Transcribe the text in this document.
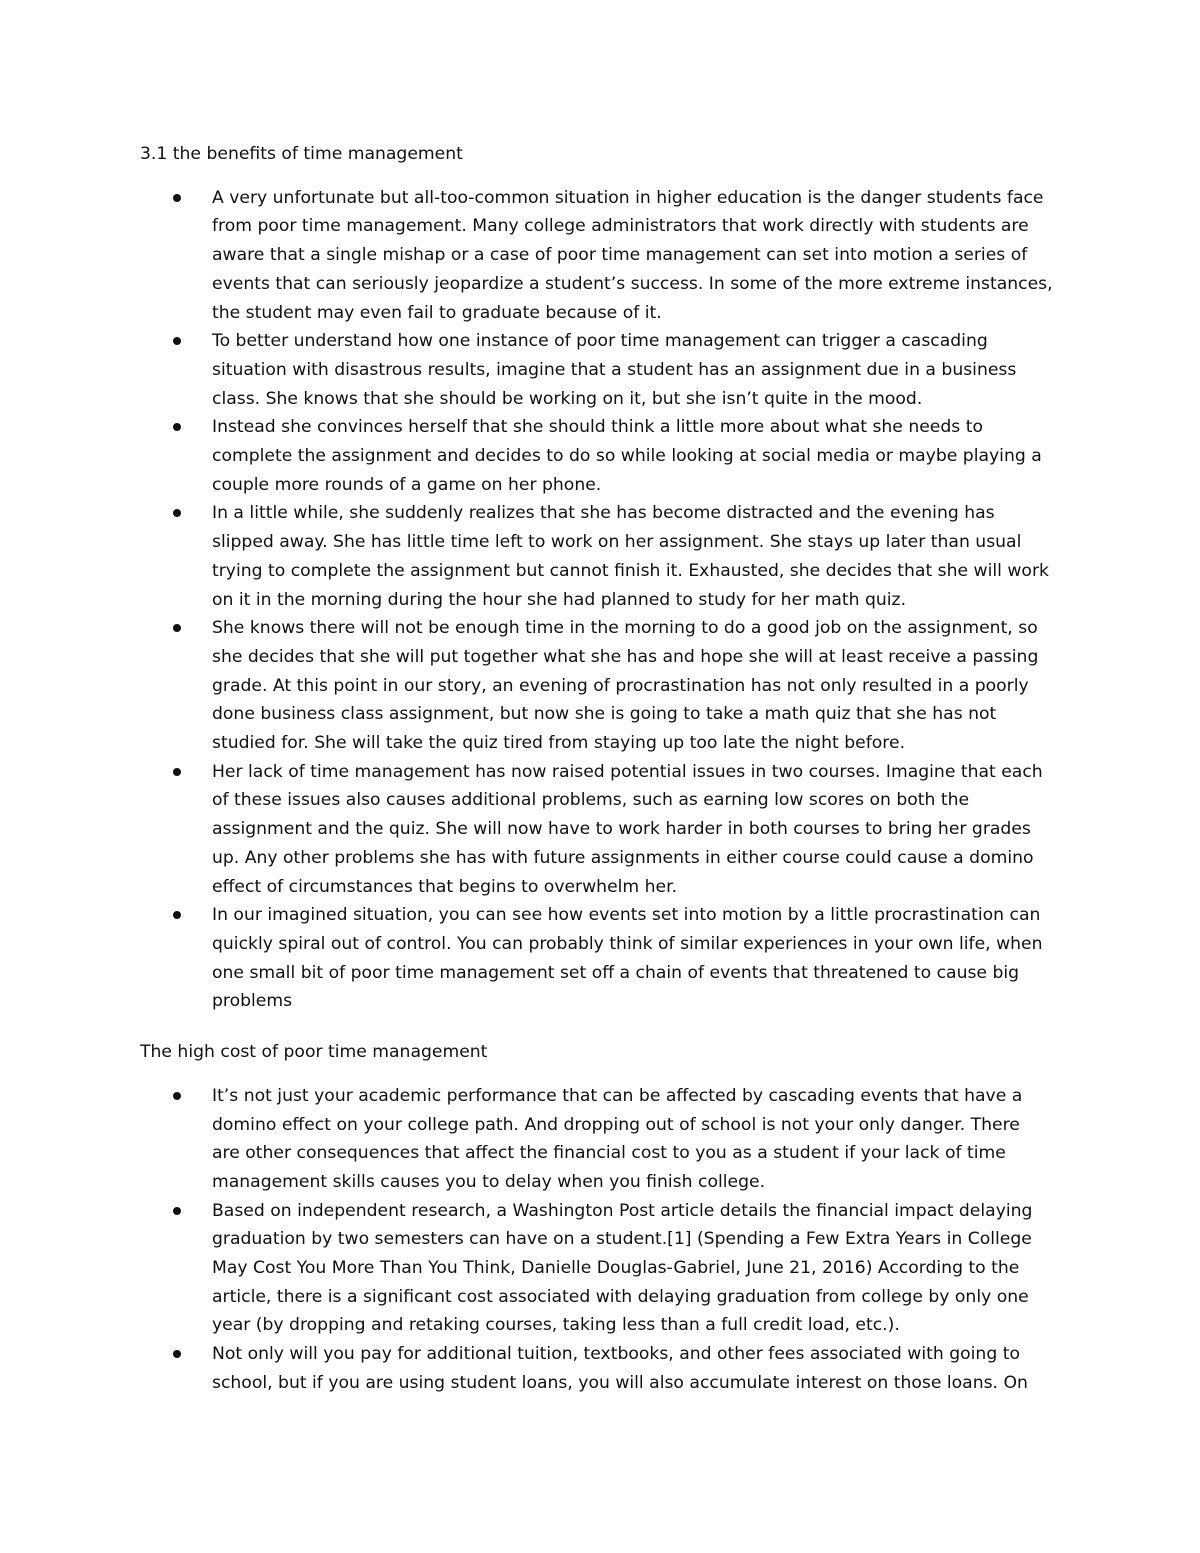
3.1 the benefits of time management
A very unfortunate but all-too-common situation in higher education is the danger students face
from poor time management. Many college administrators that work directly with students are
aware that a single mishap or a case of poor time management can set into motion a series of
events that can seriously jeopardize a student’s success. In some of the more extreme instances,
the student may even fail to graduate because of it.
To better understand how one instance of poor time management can trigger a cascading
situation with disastrous results, imagine that a student has an assignment due in a business
class. She knows that she should be working on it, but she isn’t quite in the mood.
Instead she convinces herself that she should think a little more about what she needs to
complete the assignment and decides to do so while looking at social media or maybe playing a
couple more rounds of a game on her phone.
In a little while, she suddenly realizes that she has become distracted and the evening has
slipped away. She has little time left to work on her assignment. She stays up later than usual
trying to complete the assignment but cannot finish it. Exhausted, she decides that she will work
on it in the morning during the hour she had planned to study for her math quiz.
She knows there will not be enough time in the morning to do a good job on the assignment, so
she decides that she will put together what she has and hope she will at least receive a passing
grade. At this point in our story, an evening of procrastination has not only resulted in a poorly
done business class assignment, but now she is going to take a math quiz that she has not
studied for. She will take the quiz tired from staying up too late the night before.
Her lack of time management has now raised potential issues in two courses. Imagine that each
of these issues also causes additional problems, such as earning low scores on both the
assignment and the quiz. She will now have to work harder in both courses to bring her grades
up. Any other problems she has with future assignments in either course could cause a domino
effect of circumstances that begins to overwhelm her.
In our imagined situation, you can see how events set into motion by a little procrastination can
quickly spiral out of control. You can probably think of similar experiences in your own life, when
one small bit of poor time management set off a chain of events that threatened to cause big
problems
The high cost of poor time management
It’s not just your academic performance that can be affected by cascading events that have a
domino effect on your college path. And dropping out of school is not your only danger. There
are other consequences that affect the financial cost to you as a student if your lack of time
management skills causes you to delay when you finish college.
Based on independent research, a Washington Post article details the financial impact delaying
graduation by two semesters can have on a student.[1] (Spending a Few Extra Years in College
May Cost You More Than You Think, Danielle Douglas-Gabriel, June 21, 2016) According to the
article, there is a significant cost associated with delaying graduation from college by only one
year (by dropping and retaking courses, taking less than a full credit load, etc.).
Not only will you pay for additional tuition, textbooks, and other fees associated with going to
school, but if you are using student loans, you will also accumulate interest on those loans. On
